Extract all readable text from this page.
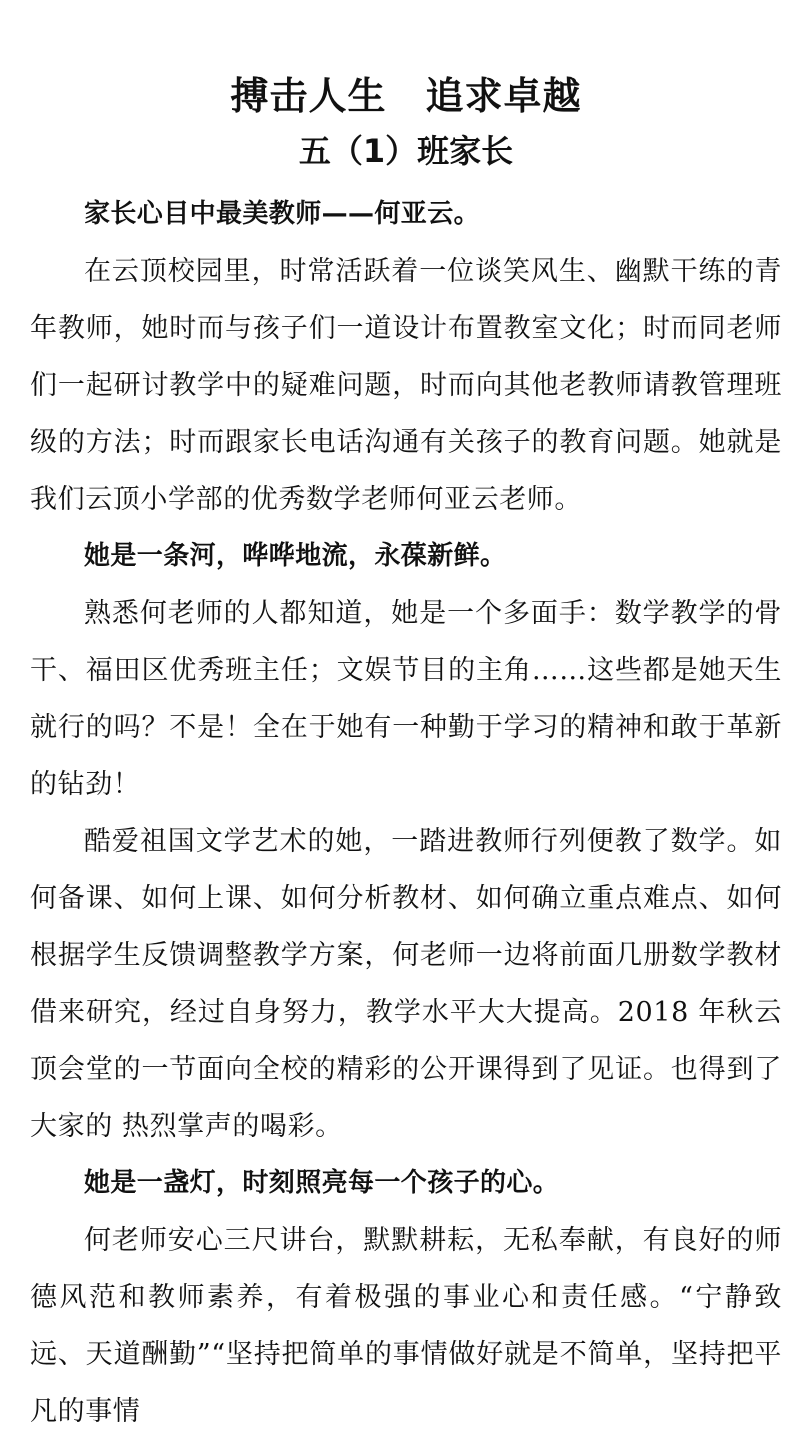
搏击人生　追求卓越
五（1）班家长

家长心目中最美教师——何亚云。

在云顶校园里，时常活跃着一位谈笑风生、幽默干练的青年教师，她时而与孩子们一道设计布置教室文化；时而同老师们一起研讨教学中的疑难问题，时而向其他老教师请教管理班级的方法；时而跟家长电话沟通有关孩子的教育问题。她就是我们云顶小学部的优秀数学老师何亚云老师。

她是一条河，哗哗地流，永葆新鲜。

熟悉何老师的人都知道，她是一个多面手：数学教学的骨干、福田区优秀班主任；文娱节目的主角……这些都是她天生就行的吗？不是！全在于她有一种勤于学习的精神和敢于革新的钻劲！

酷爱祖国文学艺术的她，一踏进教师行列便教了数学。如何备课、如何上课、如何分析教材、如何确立重点难点、如何根据学生反馈调整教学方案，何老师一边将前面几册数学教材借来研究，经过自身努力，教学水平大大提高。2018 年秋云顶会堂的一节面向全校的精彩的公开课得到了见证。也得到了大家的 热烈掌声的喝彩。

她是一盏灯，时刻照亮每一个孩子的心。

何老师安心三尺讲台，默默耕耘，无私奉献，有良好的师德风范和教师素养，有着极强的事业心和责任感。“宁静致远、天道酬勤”“坚持把简单的事情做好就是不简单，坚持把平凡的事情
